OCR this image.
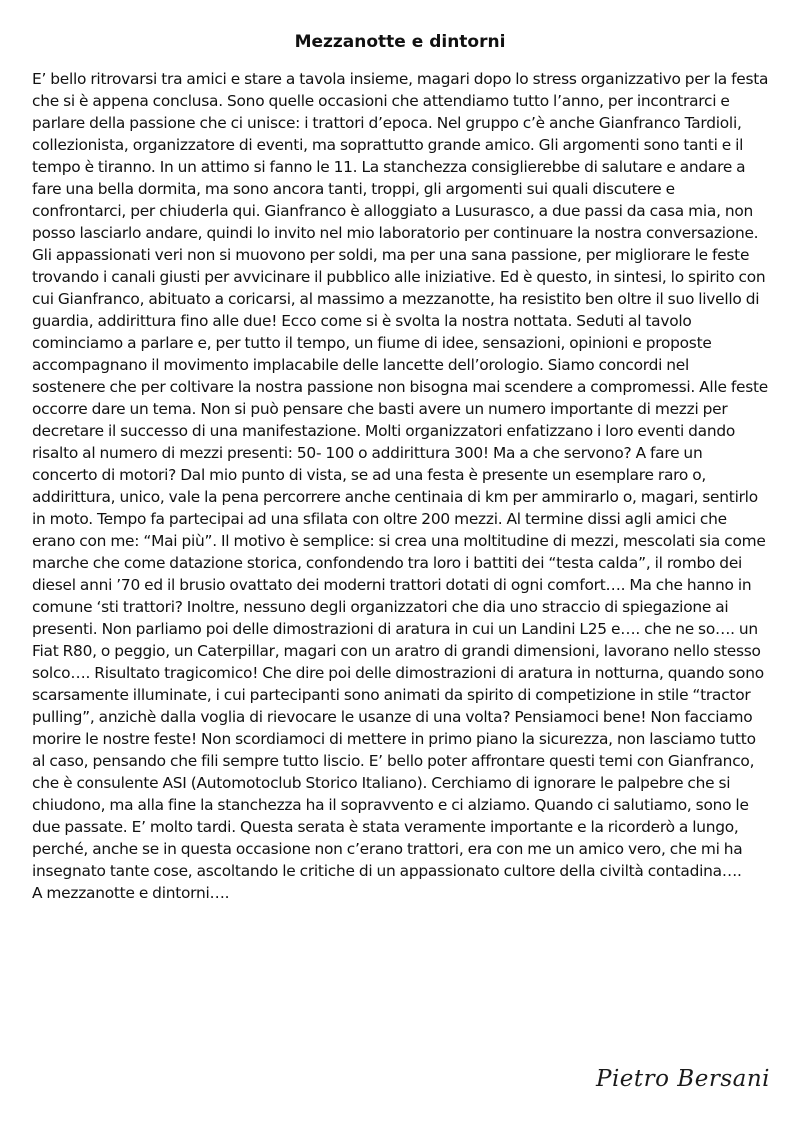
Mezzanotte e dintorni
E’ bello ritrovarsi tra amici e stare a tavola insieme, magari dopo lo stress organizzativo per la festa
che si è appena conclusa. Sono quelle occasioni che attendiamo tutto l’anno, per incontrarci e
parlare della passione che ci unisce: i trattori d’epoca. Nel gruppo c’è anche Gianfranco Tardioli,
collezionista, organizzatore di eventi, ma soprattutto grande amico. Gli argomenti sono tanti e il
tempo è tiranno. In un attimo si fanno le 11. La stanchezza consiglierebbe di salutare e andare a
fare una bella dormita, ma sono ancora tanti, troppi, gli argomenti sui quali discutere e
confrontarci, per chiuderla qui. Gianfranco è alloggiato a Lusurasco, a due passi da casa mia, non
posso lasciarlo andare, quindi lo invito nel mio laboratorio per continuare la nostra conversazione.
Gli appassionati veri non si muovono per soldi, ma per una sana passione, per migliorare le feste
trovando i canali giusti per avvicinare il pubblico alle iniziative. Ed è questo, in sintesi, lo spirito con
cui Gianfranco, abituato a coricarsi, al massimo a mezzanotte, ha resistito ben oltre il suo livello di
guardia, addirittura fino alle due! Ecco come si è svolta la nostra nottata. Seduti al tavolo
cominciamo a parlare e, per tutto il tempo, un fiume di idee, sensazioni, opinioni e proposte
accompagnano il movimento implacabile delle lancette dell’orologio. Siamo concordi nel
sostenere che per coltivare la nostra passione non bisogna mai scendere a compromessi. Alle feste
occorre dare un tema. Non si può pensare che basti avere un numero importante di mezzi per
decretare il successo di una manifestazione. Molti organizzatori enfatizzano i loro eventi dando
risalto al numero di mezzi presenti: 50- 100 o addirittura 300! Ma a che servono? A fare un
concerto di motori? Dal mio punto di vista, se ad una festa è presente un esemplare raro o,
addirittura, unico, vale la pena percorrere anche centinaia di km per ammirarlo o, magari, sentirlo
in moto. Tempo fa partecipai ad una sfilata con oltre 200 mezzi. Al termine dissi agli amici che
erano con me: “Mai più”. Il motivo è semplice: si crea una moltitudine di mezzi, mescolati sia come
marche che come datazione storica, confondendo tra loro i battiti dei “testa calda”, il rombo dei
diesel anni ’70 ed il brusio ovattato dei moderni trattori dotati di ogni comfort…. Ma che hanno in
comune ‘sti trattori? Inoltre, nessuno degli organizzatori che dia uno straccio di spiegazione ai
presenti. Non parliamo poi delle dimostrazioni di aratura in cui un Landini L25 e…. che ne so…. un
Fiat R80, o peggio, un Caterpillar, magari con un aratro di grandi dimensioni, lavorano nello stesso
solco…. Risultato tragicomico! Che dire poi delle dimostrazioni di aratura in notturna, quando sono
scarsamente illuminate, i cui partecipanti sono animati da spirito di competizione in stile “tractor
pulling”, anzichè dalla voglia di rievocare le usanze di una volta? Pensiamoci bene! Non facciamo
morire le nostre feste! Non scordiamoci di mettere in primo piano la sicurezza, non lasciamo tutto
al caso, pensando che fili sempre tutto liscio. E’ bello poter affrontare questi temi con Gianfranco,
che è consulente ASI (Automotoclub Storico Italiano). Cerchiamo di ignorare le palpebre che si
chiudono, ma alla fine la stanchezza ha il sopravvento e ci alziamo. Quando ci salutiamo, sono le
due passate. E’ molto tardi. Questa serata è stata veramente importante e la ricorderò a lungo,
perché, anche se in questa occasione non c’erano trattori, era con me un amico vero, che mi ha
insegnato tante cose, ascoltando le critiche di un appassionato cultore della civiltà contadina….
A mezzanotte e dintorni….
Pietro Bersani
